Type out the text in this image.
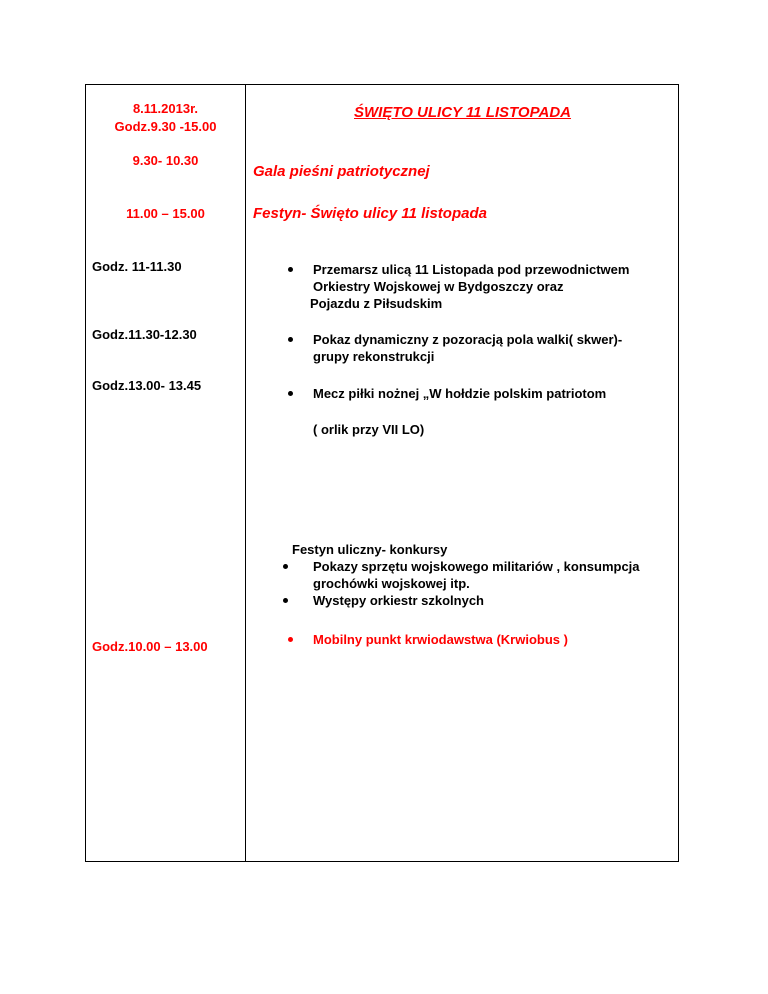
8.11.2013r.
Godz.9.30 -15.00
9.30- 10.30
11.00 – 15.00
Godz. 11-11.30
Godz.11.30-12.30
Godz.13.00- 13.45
Godz.10.00 – 13.00
ŚWIĘTO ULICY 11 LISTOPADA
Gala pieśni patriotycznej
Festyn- Święto ulicy 11 listopada
Przemarsz ulicą 11 Listopada pod przewodnictwem
Orkiestry Wojskowej w Bydgoszczy oraz
Pojazdu z Piłsudskim
Pokaz dynamiczny z pozoracją pola walki( skwer)-
grupy rekonstrukcji
Mecz piłki nożnej „W hołdzie polskim patriotom
( orlik przy VII LO)
Festyn uliczny- konkursy
Pokazy sprzętu wojskowego militariów , konsumpcja
grochówki wojskowej itp.
Występy orkiestr szkolnych
Mobilny punkt krwiodawstwa (Krwiobus )
